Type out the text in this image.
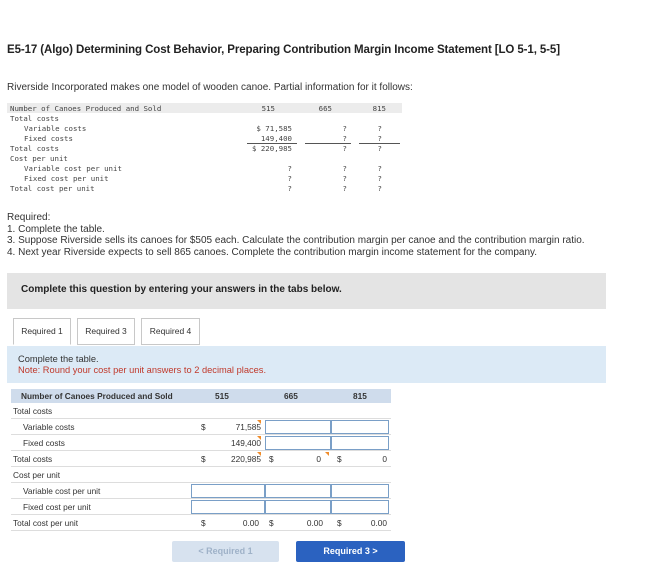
E5-17 (Algo) Determining Cost Behavior, Preparing Contribution Margin Income Statement [LO 5-1, 5-5]
Riverside Incorporated makes one model of wooden canoe. Partial information for it follows:
Number of Canoes Produced and Sold	515	665	815
Total costs
Variable costs	$ 71,585	?	?
Fixed costs	149,400	?	?
Total costs	$ 220,985	?	?
Cost per unit
Variable cost per unit	?	?	?
Fixed cost per unit	?	?	?
Total cost per unit	?	?	?
Required:
1. Complete the table.
3. Suppose Riverside sells its canoes for $505 each. Calculate the contribution margin per canoe and the contribution margin ratio.
4. Next year Riverside expects to sell 865 canoes. Complete the contribution margin income statement for the company.
Complete this question by entering your answers in the tabs below.
Required 1	Required 3	Required 4
Complete the table.
Note: Round your cost per unit answers to 2 decimal places.
Number of Canoes Produced and Sold	515	665	815
Total costs
Variable costs	$	71,585
Fixed costs	149,400
Total costs	$	220,985 $	0 $	0
Cost per unit
Variable cost per unit
Fixed cost per unit
Total cost per unit	$	0.00 $	0.00 $	0.00
< Required 1	Required 3 >
